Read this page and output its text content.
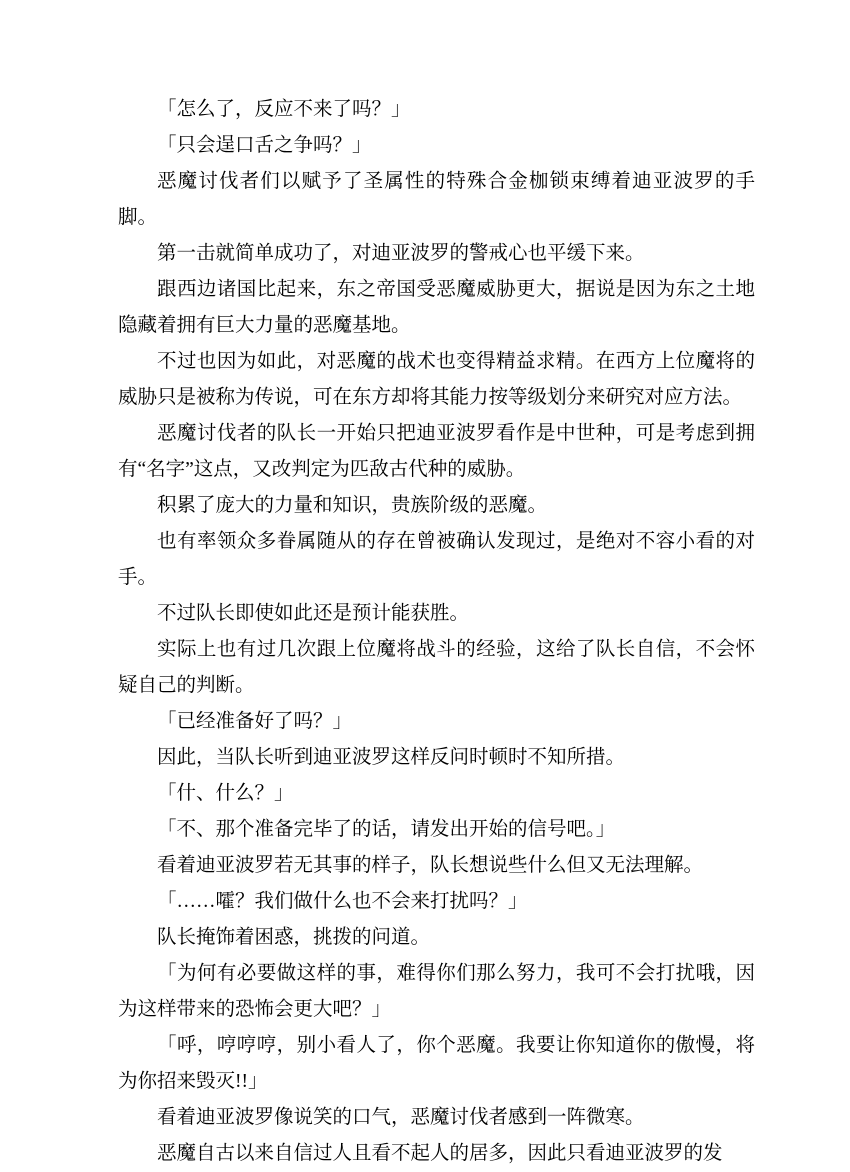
「怎么了，反应不来了吗？」

「只会逞口舌之争吗？」

恶魔讨伐者们以赋予了圣属性的特殊合金枷锁束缚着迪亚波罗的手脚。

第一击就简单成功了，对迪亚波罗的警戒心也平缓下来。

跟西边诸国比起来，东之帝国受恶魔威胁更大，据说是因为东之土地隐藏着拥有巨大力量的恶魔基地。

不过也因为如此，对恶魔的战术也变得精益求精。在西方上位魔将的威胁只是被称为传说，可在东方却将其能力按等级划分来研究对应方法。

恶魔讨伐者的队长一开始只把迪亚波罗看作是中世种，可是考虑到拥有“名字”这点，又改判定为匹敌古代种的威胁。

积累了庞大的力量和知识，贵族阶级的恶魔。

也有率领众多眷属随从的存在曾被确认发现过，是绝对不容小看的对手。

不过队长即使如此还是预计能获胜。

实际上也有过几次跟上位魔将战斗的经验，这给了队长自信，不会怀疑自己的判断。

「已经准备好了吗？」

因此，当队长听到迪亚波罗这样反问时顿时不知所措。

「什、什么？」

「不、那个准备完毕了的话，请发出开始的信号吧。」

看着迪亚波罗若无其事的样子，队长想说些什么但又无法理解。

「……嚯？我们做什么也不会来打扰吗？」

队长掩饰着困惑，挑拨的问道。

「为何有必要做这样的事，难得你们那么努力，我可不会打扰哦，因为这样带来的恐怖会更大吧？」

「呼，哼哼哼，别小看人了，你个恶魔。我要让你知道你的傲慢，将为你招来毁灭!!」

看着迪亚波罗像说笑的口气，恶魔讨伐者感到一阵微寒。

恶魔自古以来自信过人且看不起人的居多，因此只看迪亚波罗的发
